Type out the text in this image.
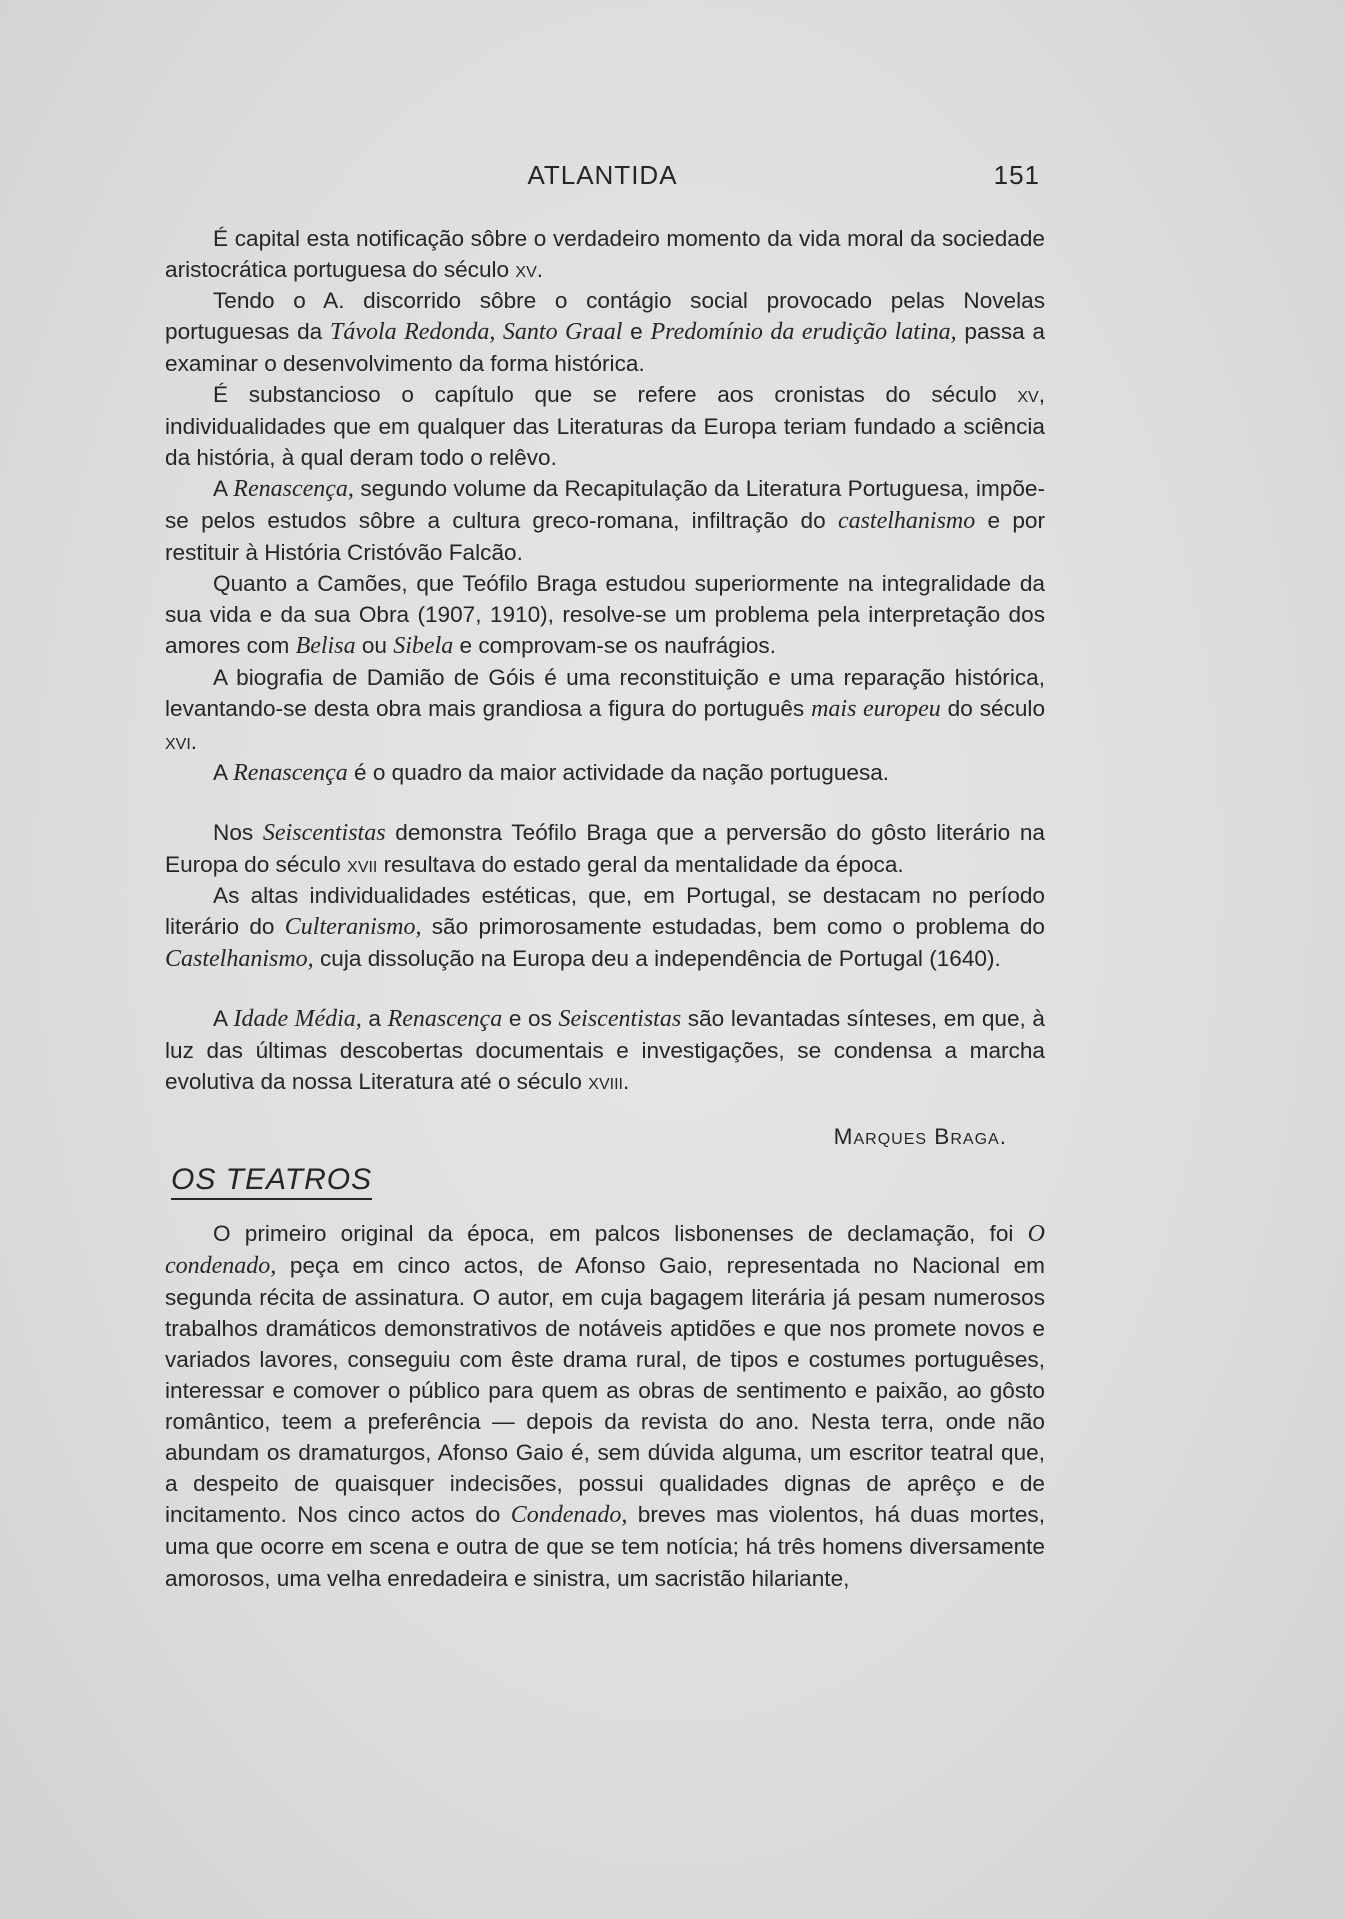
ATLANTIDA	151

É capital esta notificação sôbre o verdadeiro momento da vida moral da sociedade aristocrática portuguesa do século xv.

Tendo o A. discorrido sôbre o contágio social provocado pelas Novelas portuguesas da Távola Redonda, Santo Graal e Predomínio da erudição latina, passa a examinar o desenvolvimento da forma histórica.

É substancioso o capítulo que se refere aos cronistas do século xv, individualidades que em qualquer das Literaturas da Europa teriam fundado a sciência da história, à qual deram todo o relêvo.

A Renascença, segundo volume da Recapitulação da Literatura Portuguesa, impõe-se pelos estudos sôbre a cultura greco-romana, infiltração do castelhanismo e por restituir à História Cristóvão Falcão.

Quanto a Camões, que Teófilo Braga estudou superiormente na integralidade da sua vida e da sua Obra (1907, 1910), resolve-se um problema pela interpretação dos amores com Belisa ou Sibela e comprovam-se os naufrágios.

A biografia de Damião de Góis é uma reconstituição e uma reparação histórica, levantando-se desta obra mais grandiosa a figura do português mais europeu do século xvi.

A Renascença é o quadro da maior actividade da nação portuguesa.

Nos Seiscentistas demonstra Teófilo Braga que a perversão do gôsto literário na Europa do século xvii resultava do estado geral da mentalidade da época.

As altas individualidades estéticas, que, em Portugal, se destacam no período literário do Culteranismo, são primorosamente estudadas, bem como o problema do Castelhanismo, cuja dissolução na Europa deu a independência de Portugal (1640).

A Idade Média, a Renascença e os Seiscentistas são levantadas sínteses, em que, à luz das últimas descobertas documentais e investigações, se condensa a marcha evolutiva da nossa Literatura até o século xviii.

Marques Braga.

OS TEATROS

O primeiro original da época, em palcos lisbonenses de declamação, foi O condenado, peça em cinco actos, de Afonso Gaio, representada no Nacional em segunda récita de assinatura. O autor, em cuja bagagem literária já pesam numerosos trabalhos dramáticos demonstrativos de notáveis aptidões e que nos promete novos e variados lavores, conseguiu com êste drama rural, de tipos e costumes portuguêses, interessar e comover o público para quem as obras de sentimento e paixão, ao gôsto romântico, teem a preferência — depois da revista do ano. Nesta terra, onde não abundam os dramaturgos, Afonso Gaio é, sem dúvida alguma, um escritor teatral que, a despeito de quaisquer indecisões, possui qualidades dignas de aprêço e de incitamento. Nos cinco actos do Condenado, breves mas violentos, há duas mortes, uma que ocorre em scena e outra de que se tem notícia; há três homens diversamente amorosos, uma velha enredadeira e sinistra, um sacristão hilariante,
